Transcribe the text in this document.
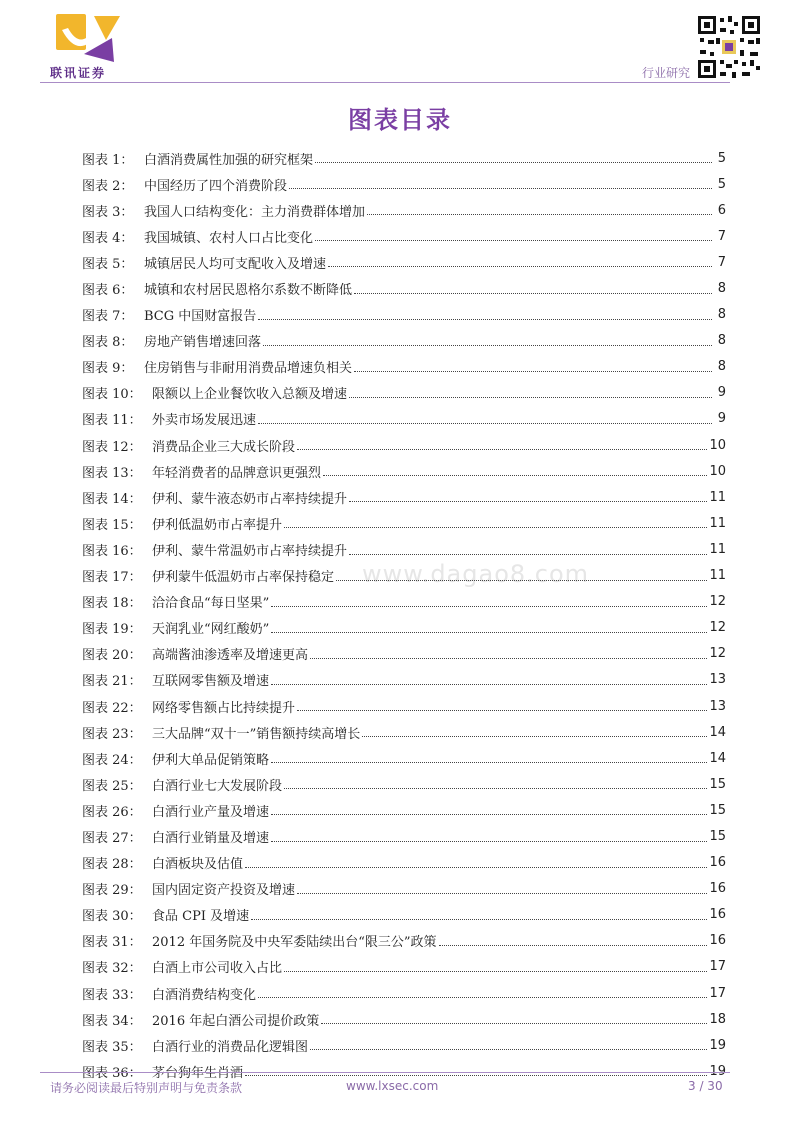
联讯证券	行业研究
图表目录
www.dagao8.com
图表 1： 白酒消费属性加强的研究框架	5
图表 2： 中国经历了四个消费阶段	5
图表 3： 我国人口结构变化：主力消费群体增加	6
图表 4： 我国城镇、农村人口占比变化	7
图表 5： 城镇居民人均可支配收入及增速	7
图表 6： 城镇和农村居民恩格尔系数不断降低	8
图表 7： BCG 中国财富报告	8
图表 8： 房地产销售增速回落	8
图表 9： 住房销售与非耐用消费品增速负相关	8
图表 10： 限额以上企业餐饮收入总额及增速	9
图表 11： 外卖市场发展迅速	9
图表 12： 消费品企业三大成长阶段	10
图表 13： 年轻消费者的品牌意识更强烈	10
图表 14： 伊利、蒙牛液态奶市占率持续提升	11
图表 15： 伊利低温奶市占率提升	11
图表 16： 伊利、蒙牛常温奶市占率持续提升	11
图表 17： 伊利蒙牛低温奶市占率保持稳定	11
图表 18： 洽洽食品“每日坚果”	12
图表 19： 天润乳业“网红酸奶”	12
图表 20： 高端酱油渗透率及增速更高	12
图表 21： 互联网零售额及增速	13
图表 22： 网络零售额占比持续提升	13
图表 23： 三大品牌“双十一”销售额持续高增长	14
图表 24： 伊利大单品促销策略	14
图表 25： 白酒行业七大发展阶段	15
图表 26： 白酒行业产量及增速	15
图表 27： 白酒行业销量及增速	15
图表 28： 白酒板块及估值	16
图表 29： 国内固定资产投资及增速	16
图表 30： 食品 CPI 及增速	16
图表 31： 2012 年国务院及中央军委陆续出台“限三公”政策	16
图表 32： 白酒上市公司收入占比	17
图表 33： 白酒消费结构变化	17
图表 34： 2016 年起白酒公司提价政策	18
图表 35： 白酒行业的消费品化逻辑图	19
图表 36： 茅台狗年生肖酒	19
请务必阅读最后特别声明与免责条款	www.lxsec.com	3 / 30
